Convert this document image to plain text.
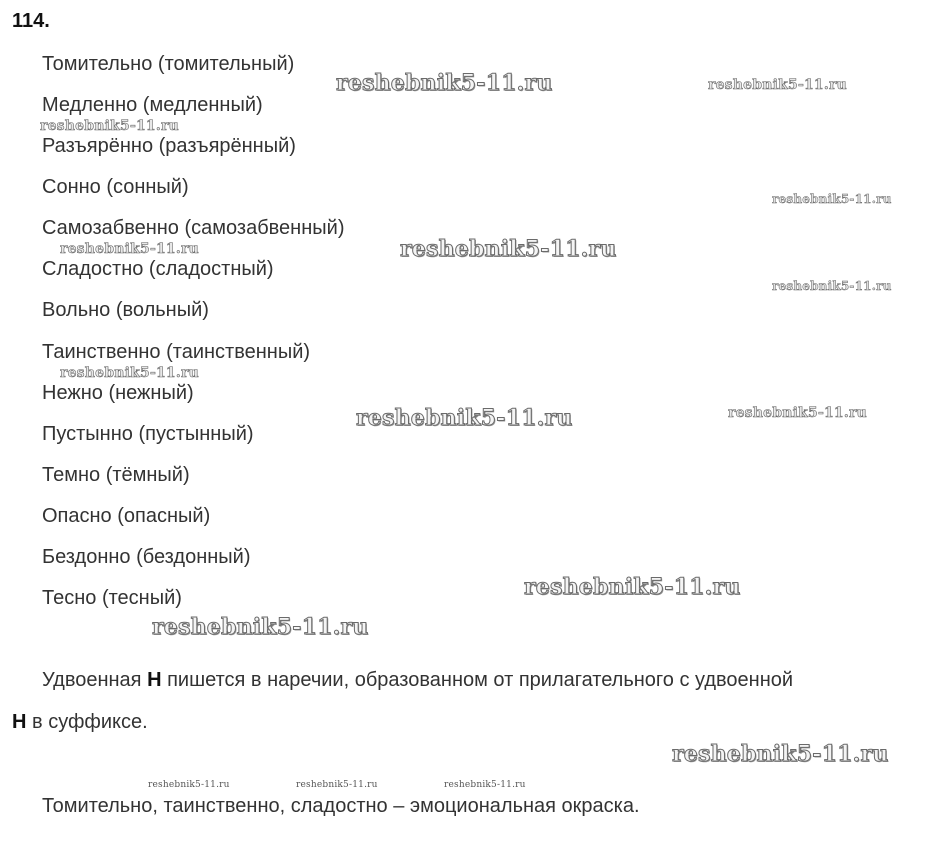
114.
Томительно (томительный)
Медленно (медленный)
Разъярённо (разъярённый)
Сонно (сонный)
Самозабвенно (самозабвенный)
Сладостно (сладостный)
Вольно (вольный)
Таинственно (таинственный)
Нежно (нежный)
Пустынно (пустынный)
Темно (тёмный)
Опасно (опасный)
Бездонно (бездонный)
Тесно (тесный)
Удвоенная Н пишется в наречии, образованном от прилагательного с удвоенной
Н в суффиксе.
Томительно, таинственно, сладостно – эмоциональная окраска.
reshebnik5-11.ru	reshebnik5-11.ru
reshebnik5-11.ru
reshebnik5-11.ru
reshebnik5-11.ru	reshebnik5-11.ru
reshebnik5-11.ru
reshebnik5-11.ru
reshebnik5-11.ru	reshebnik5-11.ru
reshebnik5-11.ru
reshebnik5-11.ru
reshebnik5-11.ru
reshebnik5-11.ru	reshebnik5-11.ru	reshebnik5-11.ru
